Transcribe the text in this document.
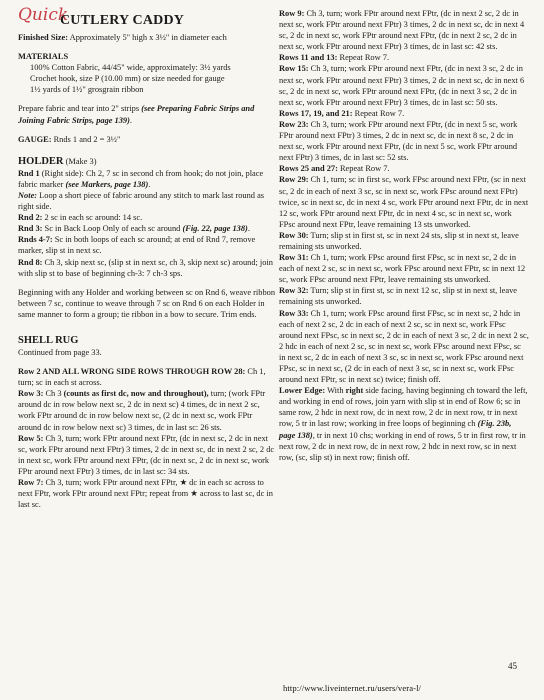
Quick
CUTLERY CADDY

Finished Size: Approximately 5" high x 3½" in diameter each

MATERIALS

100% Cotton Fabric, 44/45" wide, approximately: 3½ yards

Crochet hook, size P (10.00 mm) or size needed for gauge

1½ yards of 1½" grosgrain ribbon

Prepare fabric and tear into 2" strips (see Preparing Fabric Strips and Joining Fabric Strips, page 139).

GAUGE: Rnds 1 and 2 = 3½"

HOLDER (Make 3)

Rnd 1 (Right side): Ch 2, 7 sc in second ch from hook; do not join, place fabric marker (see Markers, page 138).

Note: Loop a short piece of fabric around any stitch to mark last round as right side.

Rnd 2: 2 sc in each sc around: 14 sc.

Rnd 3: Sc in Back Loop Only of each sc around (Fig. 22, page 138).

Rnds 4-7: Sc in both loops of each sc around; at end of Rnd 7, remove marker, slip st in next sc.

Rnd 8: Ch 3, skip next sc, (slip st in next sc, ch 3, skip next sc) around; join with slip st to base of beginning ch-3: 7 ch-3 sps.

Beginning with any Holder and working between sc on Rnd 6, weave ribbon between 7 sc, continue to weave through 7 sc on Rnd 6 on each Holder in same manner to form a group; tie ribbon in a bow to secure. Trim ends.

SHELL RUG

Continued from page 33.

Row 2 AND ALL WRONG SIDE ROWS THROUGH ROW 28: Ch 1, turn; sc in each st across.

Row 3: Ch 3 (counts as first dc, now and throughout), turn; (work FPtr around dc in row below next sc, 2 dc in next sc) 4 times, dc in next 2 sc, work FPtr around dc in row below next sc, (2 dc in next sc, work FPtr around dc in row below next sc) 3 times, dc in last sc: 26 sts.

Row 5: Ch 3, turn; work FPtr around next FPtr, (dc in next sc, 2 dc in next sc, work FPtr around next FPtr) 3 times, 2 dc in next sc, dc in next 2 sc, 2 dc in next sc, work FPtr around next FPtr, (dc in next sc, 2 dc in next sc, work FPtr around next FPtr) 3 times, dc in last sc: 34 sts.

Row 7: Ch 3, turn; work FPtr around next FPtr, ★ dc in each sc across to next FPtr, work FPtr around next FPtr; repeat from ★ across to last sc, dc in last sc.

Row 9: Ch 3, turn; work FPtr around next FPtr, (dc in next 2 sc, 2 dc in next sc, work FPtr around next FPtr) 3 times, 2 dc in next sc, dc in next 4 sc, 2 dc in next sc, work FPtr around next FPtr, (dc in next 2 sc, 2 dc in next sc, work FPtr around next FPtr) 3 times, dc in last sc: 42 sts.

Rows 11 and 13: Repeat Row 7.

Row 15: Ch 3, turn; work FPtr around next FPtr, (dc in next 3 sc, 2 dc in next sc, work FPtr around next FPtr) 3 times, 2 dc in next sc, dc in next 6 sc, 2 dc in next sc, work FPtr around next FPtr, (dc in next 3 sc, 2 dc in next sc, work FPtr around next FPtr) 3 times, dc in last sc: 50 sts.

Rows 17, 19, and 21: Repeat Row 7.

Row 23: Ch 3, turn; work FPtr around next FPtr, (dc in next 5 sc, work FPtr around next FPtr) 3 times, 2 dc in next sc, dc in next 8 sc, 2 dc in next sc, work FPtr around next FPtr, (dc in next 5 sc, work FPtr around next FPtr) 3 times, dc in last sc: 52 sts.

Rows 25 and 27: Repeat Row 7.

Row 29: Ch 1, turn; sc in first sc, work FPsc around next FPtr, (sc in next sc, 2 dc in each of next 3 sc, sc in next sc, work FPsc around next FPtr) twice, sc in next sc, dc in next 4 sc, work FPtr around next FPtr, dc in next 12 sc, work FPtr around next FPtr, dc in next 4 sc, sc in next sc, work FPsc around next FPtr, leave remaining 13 sts unworked.

Row 30: Turn; slip st in first st, sc in next 24 sts, slip st in next st, leave remaining sts unworked.

Row 31: Ch 1, turn; work FPsc around first FPsc, sc in next sc, 2 dc in each of next 2 sc, sc in next sc, work FPsc around next FPtr, sc in next 12 sc, work FPsc around next FPtr, leave remaining sts unworked.

Row 32: Turn; slip st in first st, sc in next 12 sc, slip st in next st, leave remaining sts unworked.

Row 33: Ch 1, turn; work FPsc around first FPsc, sc in next sc, 2 hdc in each of next 2 sc, 2 dc in each of next 2 sc, sc in next sc, work FPsc around next FPsc, sc in next sc, 2 dc in each of next 3 sc, 2 dc in next 2 sc, 2 hdc in each of next 2 sc, sc in next sc, work FPsc around next FPsc, sc in next sc, 2 dc in each of next 3 sc, sc in next sc, work FPsc around next FPsc, sc in next sc, (2 dc in each of next 3 sc, sc in next sc, work FPsc around next FPtr, sc in next sc) twice; finish off.

Lower Edge: With right side facing, having beginning ch toward the left, and working in end of rows, join yarn with slip st in end of Row 6; sc in same row, 2 hdc in next row, dc in next row, 2 dc in next row, tr in next row, 5 tr in last row; working in free loops of beginning ch (Fig. 23b, page 138), tr in next 10 chs; working in end of rows, 5 tr in first row, tr in next row, 2 dc in next row, dc in next row, 2 hdc in next row, sc in next row, (sc, slip st) in next row; finish off.

45
http://www.liveinternet.ru/users/vera-l/
